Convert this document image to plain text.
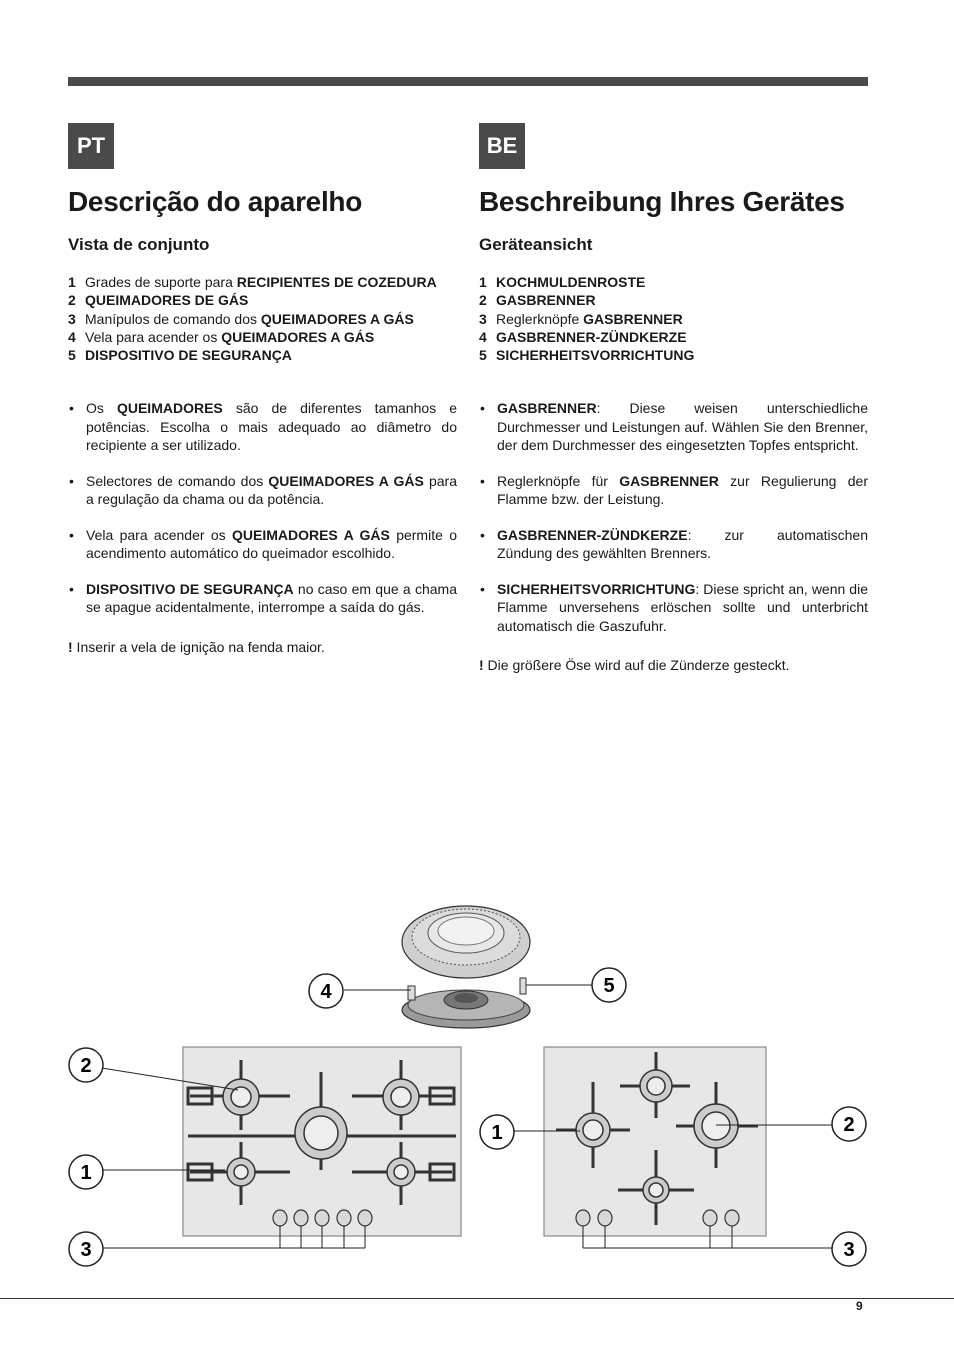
PT	BE
Descrição do aparelho
Vista de conjunto
1 Grades de suporte para RECIPIENTES DE COZEDURA
2 QUEIMADORES DE GÁS
3 Manípulos de comando dos QUEIMADORES A GÁS
4 Vela para acender os QUEIMADORES A GÁS
5 DISPOSITIVO DE SEGURANÇA
• Os QUEIMADORES são de diferentes tamanhos e potências. Escolha o mais adequado ao diâmetro do recipiente a ser utilizado.
• Selectores de comando dos QUEIMADORES A GÁS para a regulação da chama ou da potência.
• Vela para acender os QUEIMADORES A GÁS permite o acendimento automático do queimador escolhido.
• DISPOSITIVO DE SEGURANÇA no caso em que a chama se apague acidentalmente, interrompe a saída do gás.
! Inserir a vela de ignição na fenda maior.
Beschreibung Ihres Gerätes
Geräteansicht
1 KOCHMULDENROSTE
2 GASBRENNER
3 Reglerknöpfe GASBRENNER
4 GASBRENNER-ZÜNDKERZE
5 SICHERHEITSVORRICHTUNG
• GASBRENNER: Diese weisen unterschiedliche Durchmesser und Leistungen auf. Wählen Sie den Brenner, der dem Durchmesser des eingesetzten Topfes entspricht.
• Reglerknöpfe für GASBRENNER zur Regulierung der Flamme bzw. der Leistung.
• GASBRENNER-ZÜNDKERZE: zur automatischen Zündung des gewählten Brenners.
• SICHERHEITSVORRICHTUNG: Diese spricht an, wenn die Flamme unversehens erlöschen sollte und unterbricht automatisch die Gaszufuhr.
! Die größere Öse wird auf die Zünderze gesteckt.
4	5
2
1
3
1	2
3
9
